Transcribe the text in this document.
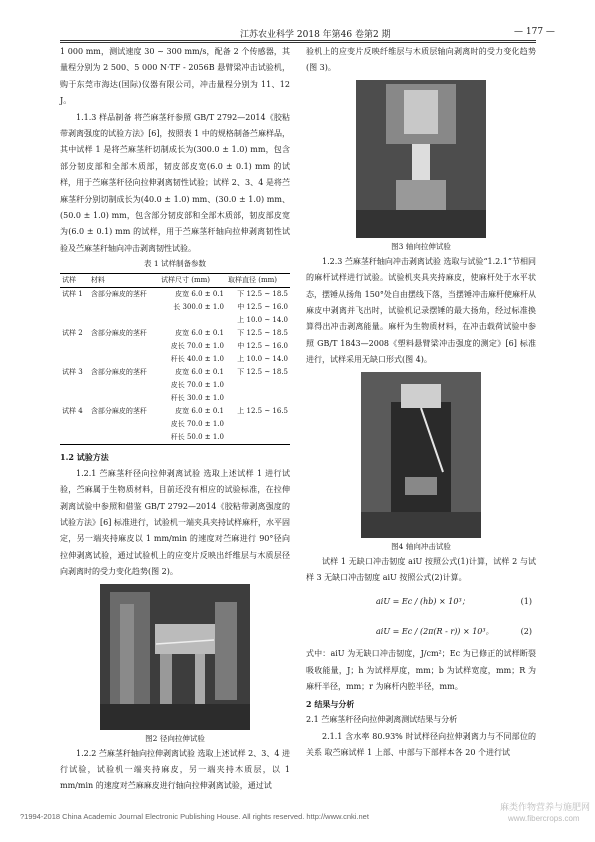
江苏农业科学 2018 年第46 卷第2 期	— 177 —

1 000 mm，测试速度 30 ~ 300 mm/s，配备 2 个传感器，其量程分别为 2 500、5 000 N·TF - 2056B 悬臂梁冲击试验机，购于东莞市海达(国际)仪器有限公司，冲击量程分别为 11、12 J。

1.1.3 样品制备 将苎麻茎秆参照 GB/T 2792—2014《胶粘带剥离强度的试验方法》[6]，按照表 1 中的规格制备苎麻样品，其中试样 1 是将苎麻茎秆切制成长为(300.0 ± 1.0) mm，包含部分韧皮部和全部木质部，韧皮部皮宽(6.0 ± 0.1) mm 的试样，用于苎麻茎秆径向拉伸剥离韧性试验；试样 2、3、4 是将苎麻茎秆分别切制成长为(40.0 ± 1.0) mm、(30.0 ± 1.0) mm、(50.0 ± 1.0) mm，包含部分韧皮部和全部木质部，韧皮部皮宽为(6.0 ± 0.1) mm 的试样，用于苎麻茎秆轴向拉伸剥离韧性试验及苎麻茎秆轴向冲击剥离韧性试验。

表 1 试样制备参数
试样	材料	试样尺寸 (mm)	取样直径 (mm)
试样 1	含部分麻皮的茎秆	皮宽 6.0 ± 0.1	下 12.5 ~ 18.5
		长 300.0 ± 1.0	中 12.5 ~ 16.0
			上 10.0 ~ 14.0
试样 2	含部分麻皮的茎秆	皮宽 6.0 ± 0.1	下 12.5 ~ 18.5
		皮长 70.0 ± 1.0	中 12.5 ~ 16.0
		秆长 40.0 ± 1.0	上 10.0 ~ 14.0
试样 3	含部分麻皮的茎秆	皮宽 6.0 ± 0.1	下 12.5 ~ 18.5
		皮长 70.0 ± 1.0	
		秆长 30.0 ± 1.0	
试样 4	含部分麻皮的茎秆	皮宽 6.0 ± 0.1	上 12.5 ~ 16.5
		皮长 70.0 ± 1.0	
		秆长 50.0 ± 1.0	

1.2 试验方法

1.2.1 苎麻茎秆径向拉伸剥离试验 选取上述试样 1 进行试验，苎麻属于生物质材料，目前还没有相应的试验标准，在拉伸剥离试验中参照和借鉴 GB/T 2792—2014《胶粘带剥离强度的试验方法》[6] 标准进行，试验机一端夹具夹持试样麻杆，水平固定，另一端夹持麻皮以 1 mm/min 的速度对苎麻进行 90°径向拉伸剥离试验，通过试验机上的应变片反映出纤维层与木质层径向剥离时的受力变化趋势(图 2)。

图2 径向拉伸试验

1.2.2 苎麻茎秆轴向拉伸剥离试验 选取上述试样 2、3、4 进行试验，试验机一端夹持麻皮，另一端夹持木质层，以 1 mm/min 的速度对苎麻麻皮进行轴向拉伸剥离试验，通过试

验机上的应变片反映纤维层与木质层轴向剥离时的受力变化趋势(图 3)。

图3 轴向拉伸试验

1.2.3 苎麻茎秆轴向冲击剥离试验 选取与试验“1.2.1”节相同的麻杆试样进行试验。试验机夹具夹持麻皮，使麻杆处于水平状态，摆锤从扬角 150°处自由摆线下落，当摆锤冲击麻杆使麻杆从麻皮中剥离并飞出时，试验机记录摆锤的最大扬角，经过标准换算得出冲击剥离能量。麻杆为生物质材料，在冲击载荷试验中参照 GB/T 1843—2008《塑料悬臂梁冲击强度的测定》[6] 标准进行，试样采用无缺口形式(图 4)。

图4 轴向冲击试验

试样 1 无缺口冲击韧度 aiU 按照公式(1)计算，试样 2 与试样 3 无缺口冲击韧度 aiU 按照公式(2)计算。

aiU = Ec / (hb) × 10³；	(1)
aiU = Ec / (2π(R - r)) × 10³。	(2)

式中：aiU 为无缺口冲击韧度，J/cm²；Ec 为已修正的试样断裂吸收能量，J；h 为试样厚度，mm；b 为试样宽度，mm；R 为麻杆半径，mm；r 为麻杆内腔半径，mm。

2 结果与分析

2.1 苎麻茎秆径向拉伸剥离测试结果与分析

2.1.1 含水率 80.93% 时试样径向拉伸剥离力与不同部位的关系 取苎麻试样 1 上部、中部与下部样本各 20 个进行试

?1994-2018 China Academic Journal Electronic Publishing House. All rights reserved. http://www.cnki.net
麻类作物营养与施肥网
www.fibercrops.com
